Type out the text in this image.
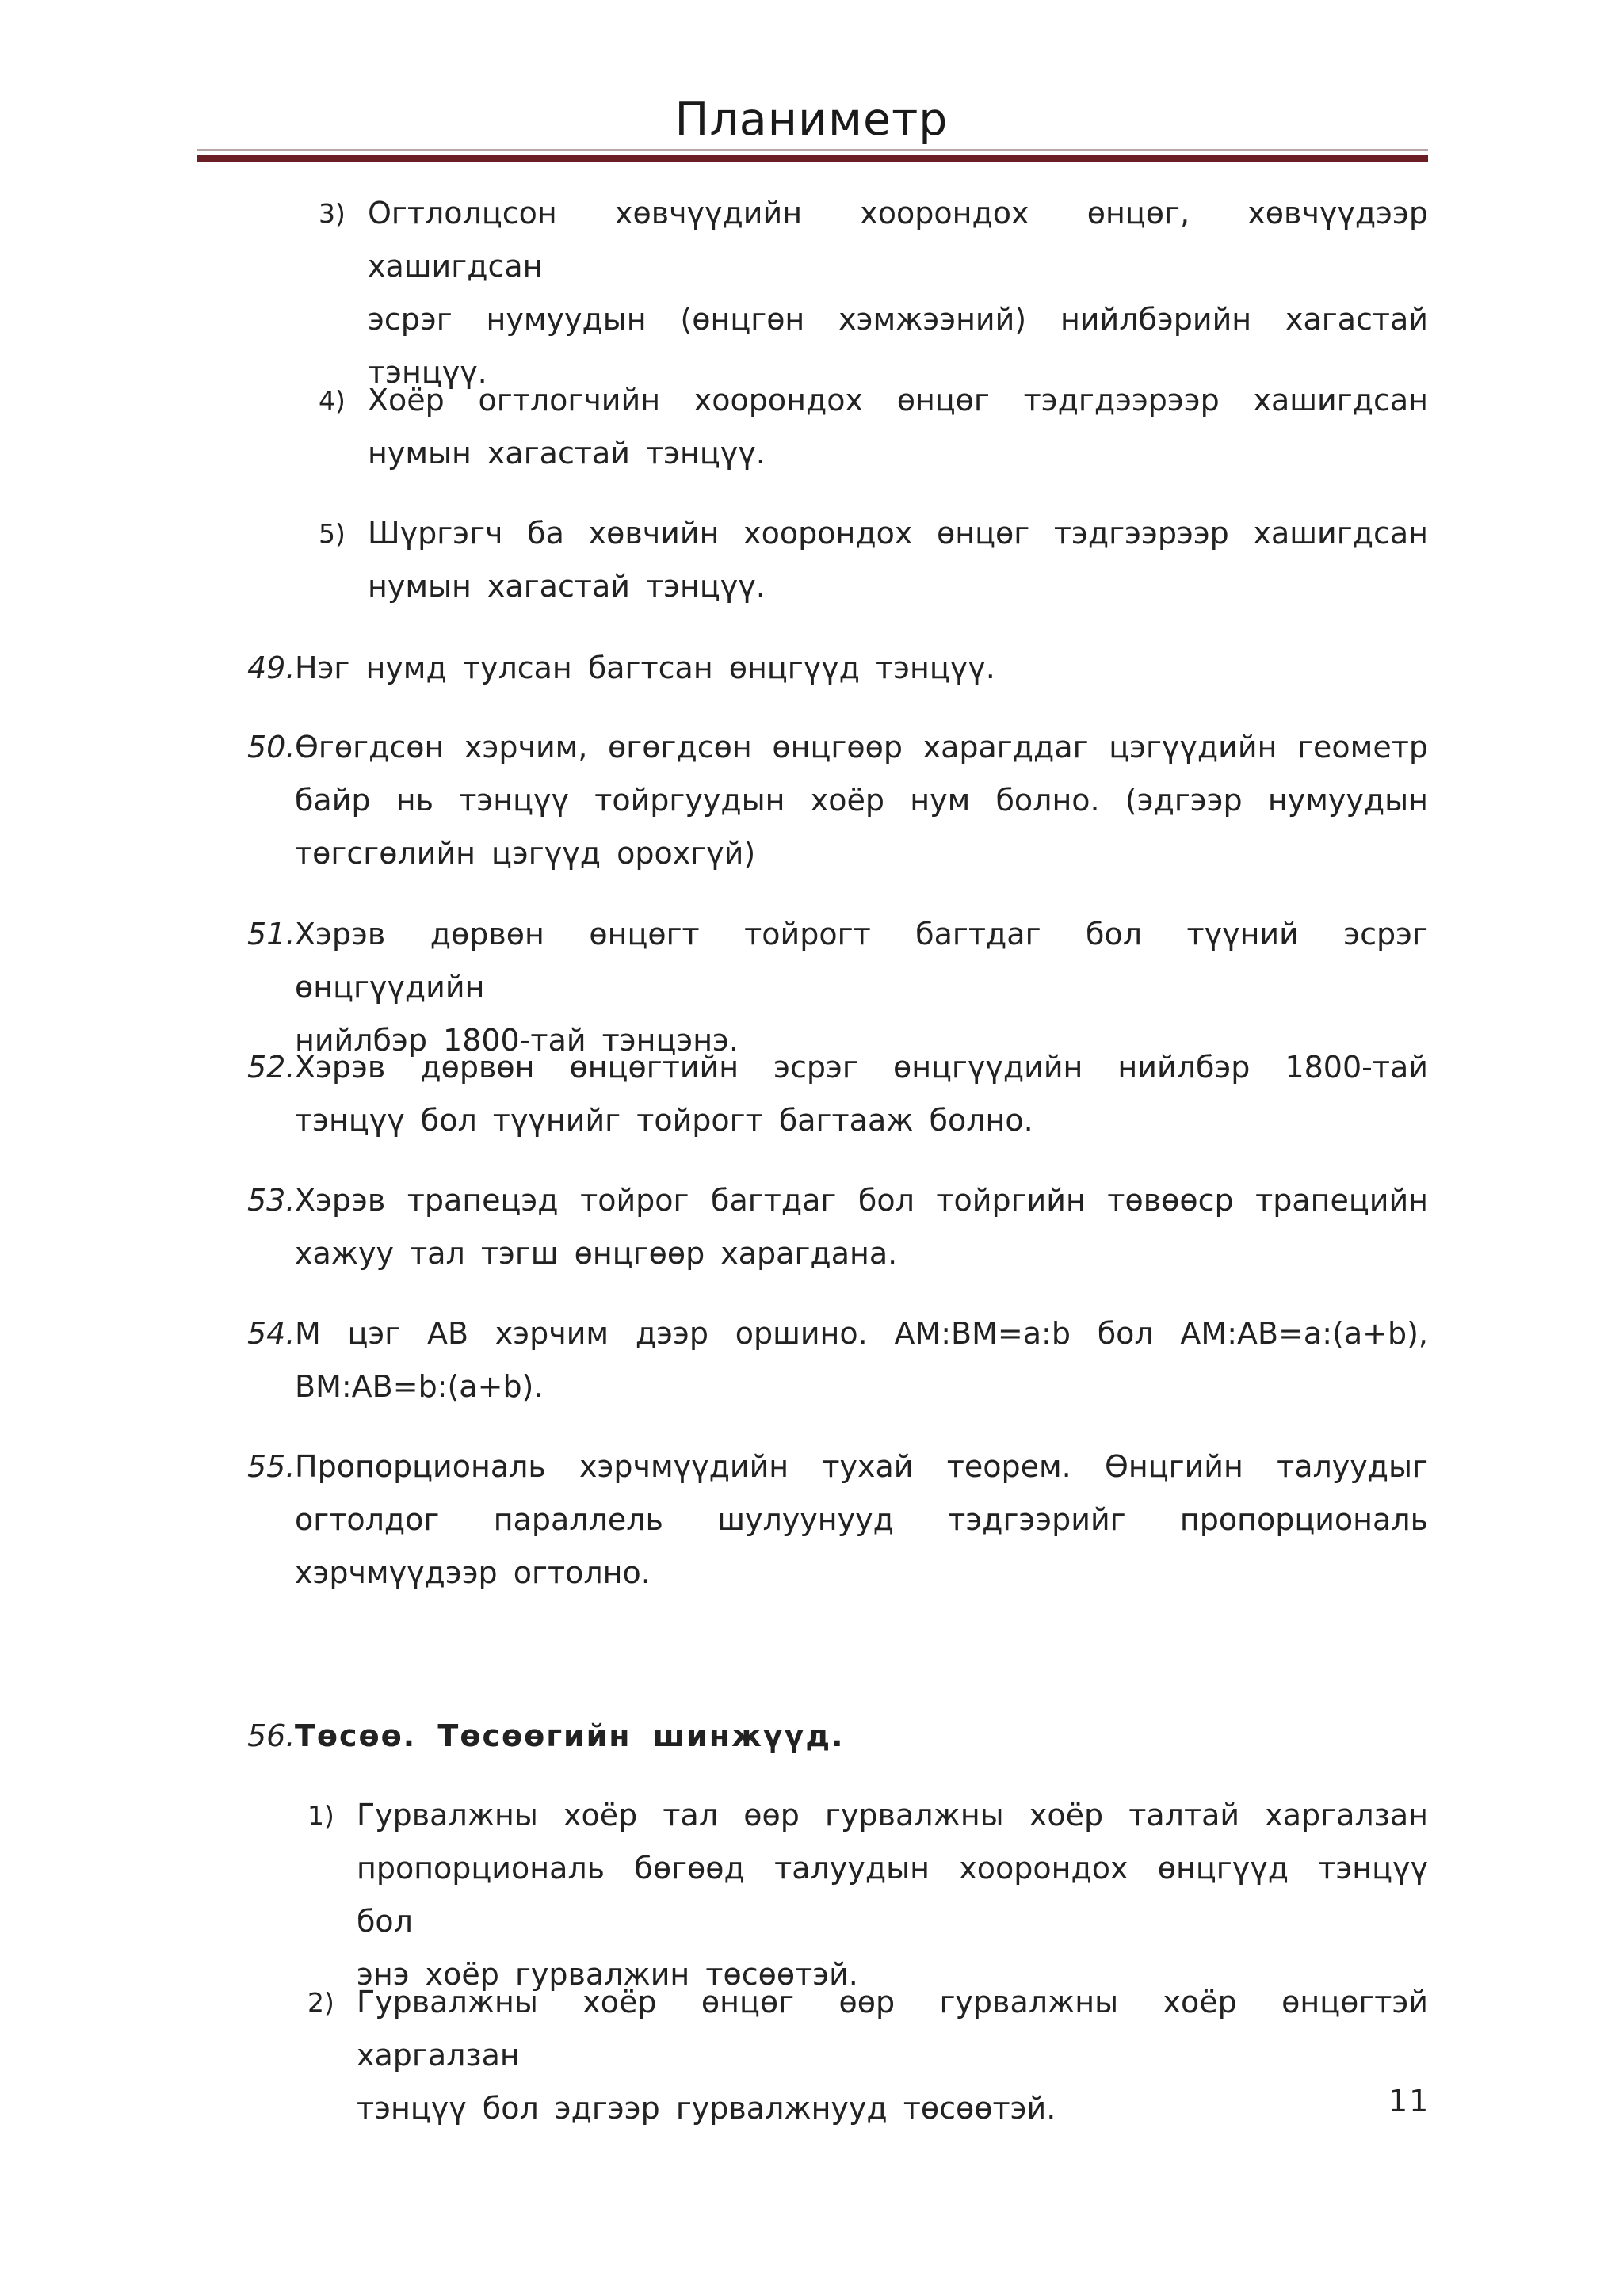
Планиметр
3) Огтлолцсон хөвчүүдийн хоорондох өнцөг, хөвчүүдээр хашигдсан
эсрэг нумуудын (өнцгөн хэмжээний) нийлбэрийн хагастай
тэнцүү.
4) Хоёр огтлогчийн хоорондох өнцөг тэдгдээрээр хашигдсан
нумын хагастай тэнцүү.
5) Шүргэгч ба хөвчийн хоорондох өнцөг тэдгээрээр хашигдсан
нумын хагастай тэнцүү.
49. Нэг нумд тулсан багтсан өнцгүүд тэнцүү.
50. Өгөгдсөн хэрчим, өгөгдсөн өнцгөөр харагддаг цэгүүдийн геометр
байр нь тэнцүү тойргуудын хоёр нум болно. (эдгээр нумуудын
төгсгөлийн цэгүүд орохгүй)
51. Хэрэв дөрвөн өнцөгт тойрогт багтдаг бол түүний эсрэг өнцгүүдийн
нийлбэр 1800-тай тэнцэнэ.
52. Хэрэв дөрвөн өнцөгтийн эсрэг өнцгүүдийн нийлбэр 1800-тай
тэнцүү бол түүнийг тойрогт багтааж болно.
53. Хэрэв трапецэд тойрог багтдаг бол тойргийн төвөөср трапецийн
хажуу тал тэгш өнцгөөр харагдана.
54. М цэг АВ хэрчим дээр оршино. АМ:ВМ=а:b бол АМ:АВ=а:(а+b),
ВМ:АВ=b:(а+b).
55. Пропорциональ хэрчмүүдийн тухай теорем. Өнцгийн талуудыг
огтолдог параллель шулуунууд тэдгээрийг пропорциональ
хэрчмүүдээр огтолно.
56. Төсөө. Төсөөгийн шинжүүд.
1) Гурвалжны хоёр тал өөр гурвалжны хоёр талтай харгалзан
пропорциональ бөгөөд талуудын хоорондох өнцгүүд тэнцүү бол
энэ хоёр гурвалжин төсөөтэй.
2) Гурвалжны хоёр өнцөг өөр гурвалжны хоёр өнцөгтэй харгалзан
тэнцүү бол эдгээр гурвалжнууд төсөөтэй.	11
